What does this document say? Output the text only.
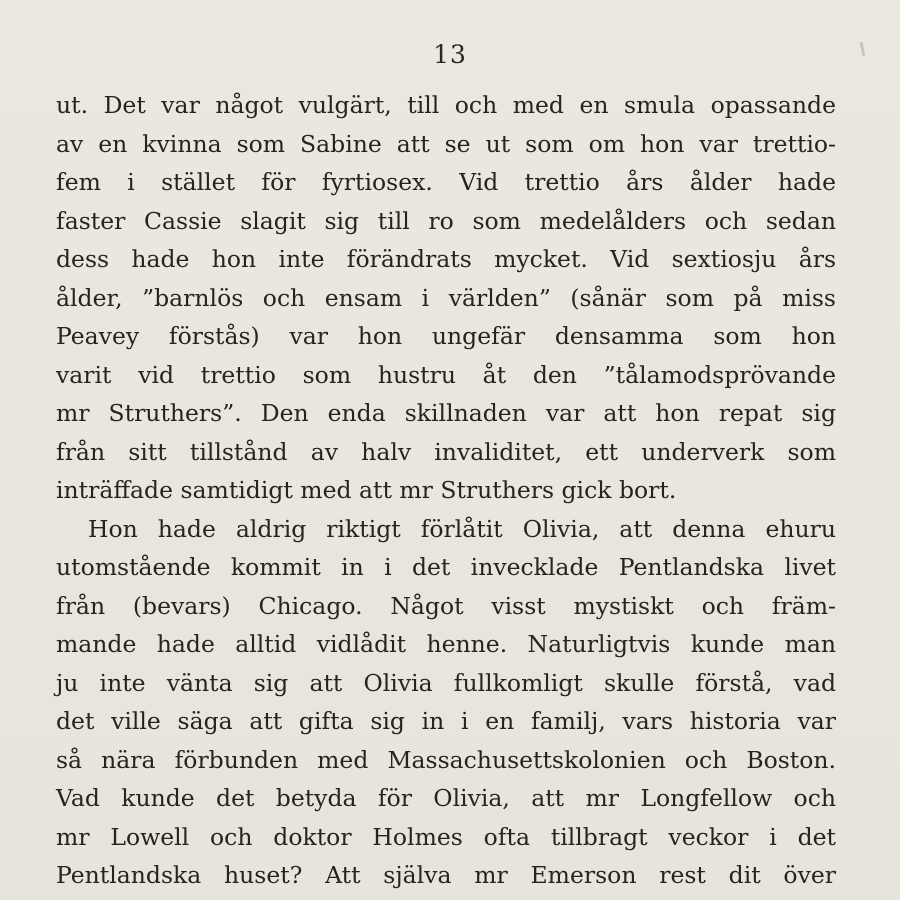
13
ut. Det var något vulgärt, till och med en smula opassande
av en kvinna som Sabine att se ut som om hon var trettio-
fem i stället för fyrtiosex. Vid trettio års ålder hade
faster Cassie slagit sig till ro som medelålders och sedan
dess hade hon inte förändrats mycket. Vid sextiosju års
ålder, ”barnlös och ensam i världen” (sånär som på miss
Peavey förstås) var hon ungefär densamma som hon
varit vid trettio som hustru åt den ”tålamodsprövande
mr Struthers”. Den enda skillnaden var att hon repat sig
från sitt tillstånd av halv invaliditet, ett underverk som
inträffade samtidigt med att mr Struthers gick bort.
Hon hade aldrig riktigt förlåtit Olivia, att denna ehuru
utomstående kommit in i det invecklade Pentlandska livet
från (bevars) Chicago. Något visst mystiskt och främ-
mande hade alltid vidlådit henne. Naturligtvis kunde man
ju inte vänta sig att Olivia fullkomligt skulle förstå, vad
det ville säga att gifta sig in i en familj, vars historia var
så nära förbunden med Massachusettskolonien och Boston.
Vad kunde det betyda för Olivia, att mr Longfellow och
mr Lowell och doktor Holmes ofta tillbragt veckor i det
Pentlandska huset? Att själva mr Emerson rest dit över
